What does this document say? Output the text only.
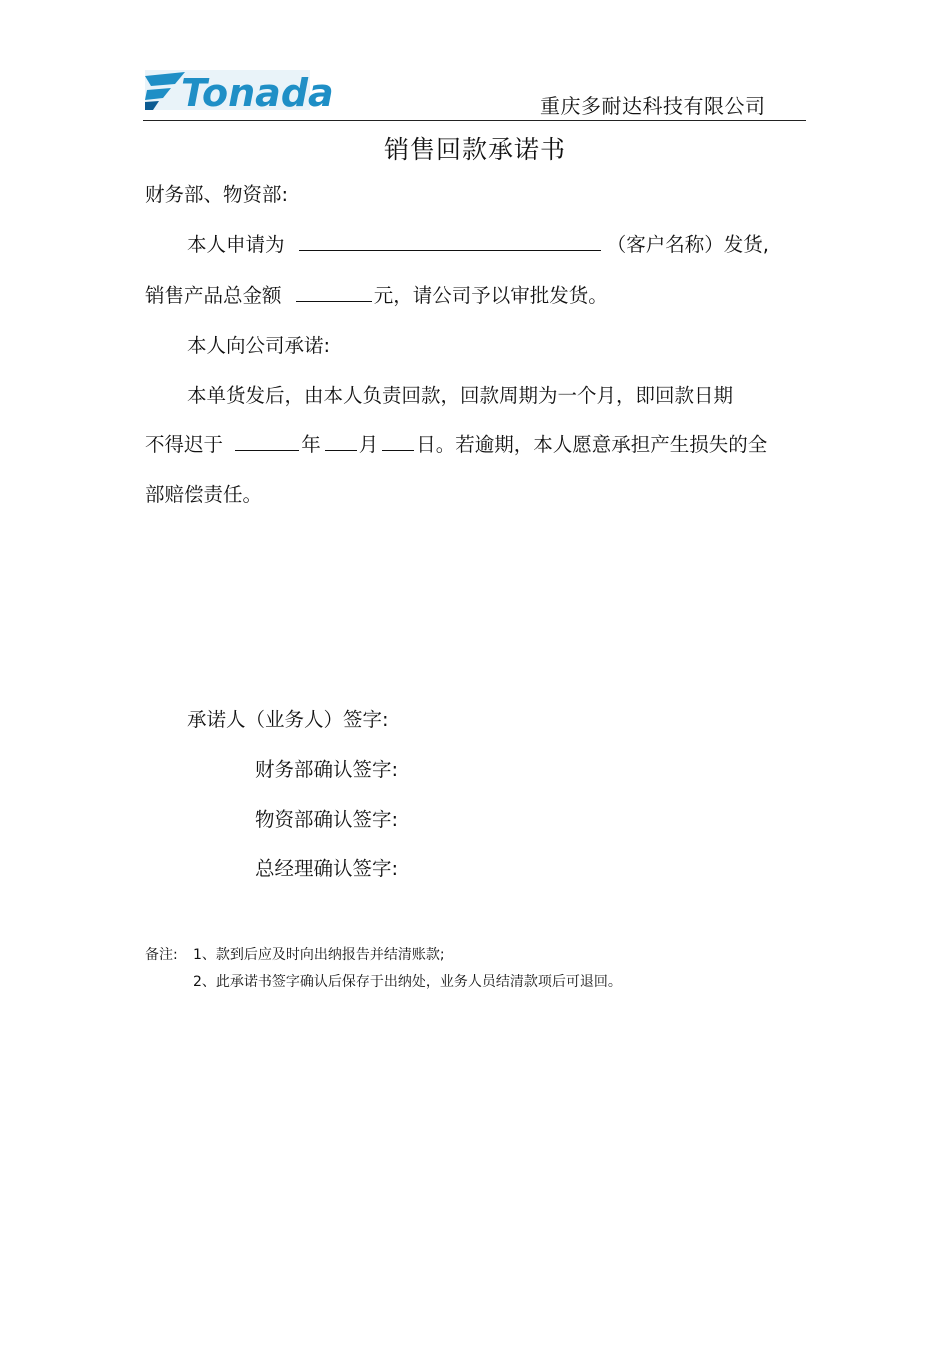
Tonada	重庆多耐达科技有限公司
销售回款承诺书
财务部、物资部:
本人申请为	（客户名称）发货,
销售产品总金额	元，请公司予以审批发货。
本人向公司承诺:
本单货发后，由本人负责回款，回款周期为一个月，即回款日期
不得迟于	年 月 日。若逾期，本人愿意承担产生损失的全
部赔偿责任。
承诺人（业务人）签字:
财务部确认签字:
物资部确认签字:
总经理确认签字:
备注: 1、款到后应及时向出纳报告并结清账款;
2、此承诺书签字确认后保存于出纳处，业务人员结清款项后可退回。
